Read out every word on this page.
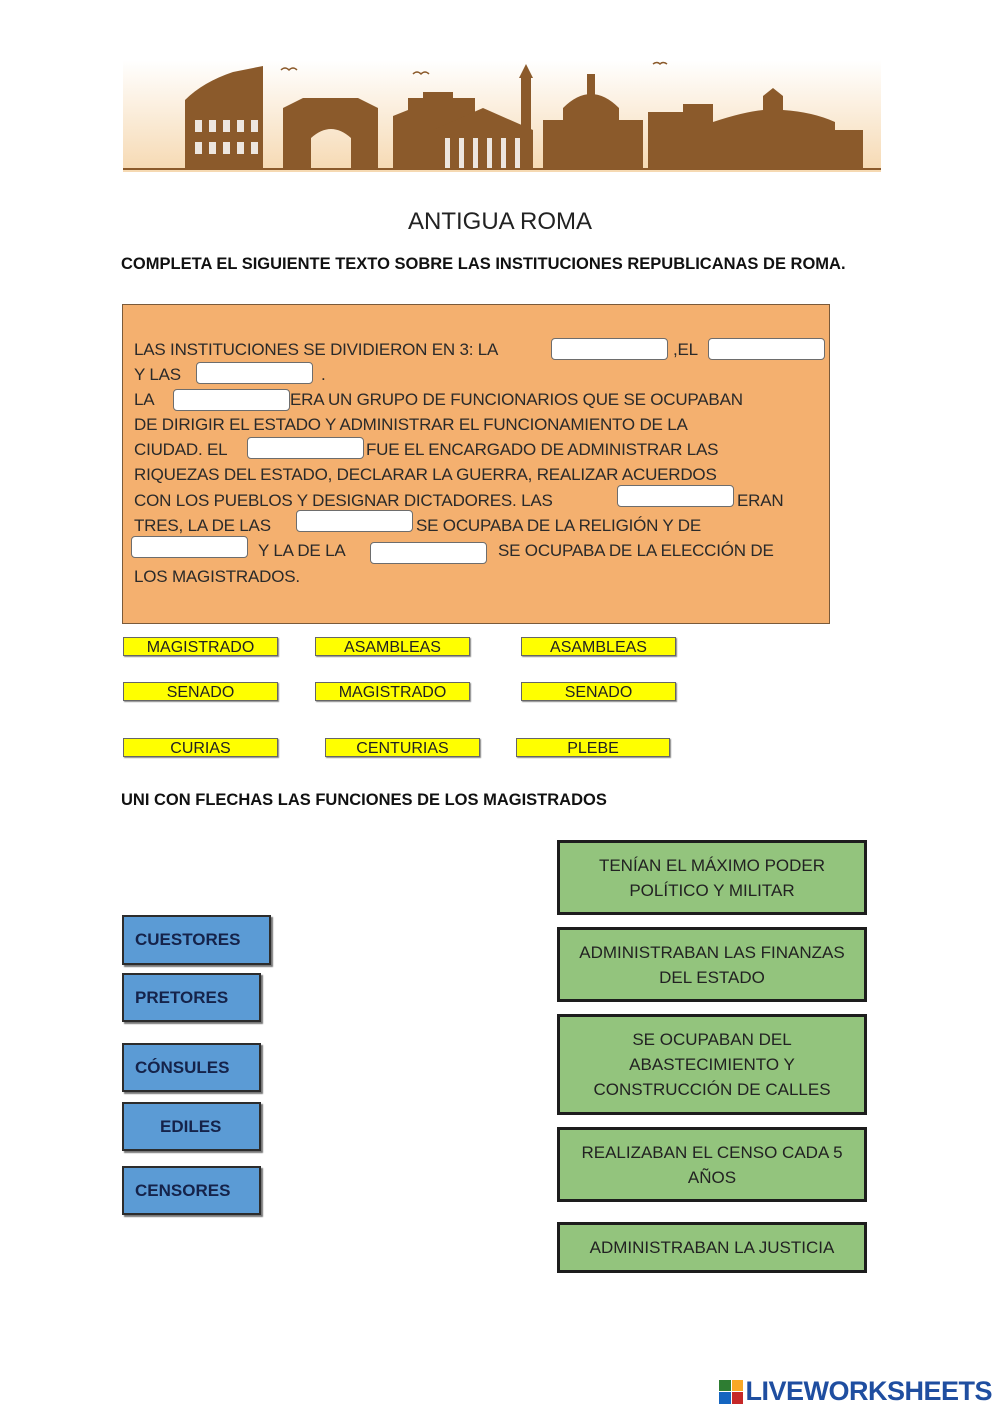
ANTIGUA ROMA
COMPLETA EL SIGUIENTE TEXTO SOBRE LAS INSTITUCIONES REPUBLICANAS DE ROMA.
LAS INSTITUCIONES SE DIVIDIERON EN 3: LA	,EL
Y LAS	.
LA	ERA UN GRUPO DE FUNCIONARIOS QUE SE OCUPABAN
DE DIRIGIR EL ESTADO Y ADMINISTRAR EL FUNCIONAMIENTO DE LA
CIUDAD. EL	FUE EL ENCARGADO DE ADMINISTRAR LAS
RIQUEZAS DEL ESTADO, DECLARAR LA GUERRA, REALIZAR ACUERDOS
CON LOS PUEBLOS Y DESIGNAR DICTADORES. LAS	ERAN
TRES, LA DE LAS	SE OCUPABA DE LA RELIGIÓN Y DE
Y LA DE LA	SE OCUPABA DE LA ELECCIÓN DE
LOS MAGISTRADOS.
MAGISTRADO	ASAMBLEAS	ASAMBLEAS
SENADO	MAGISTRADO	SENADO
CURIAS	CENTURIAS	PLEBE
UNI CON FLECHAS LAS FUNCIONES DE LOS MAGISTRADOS
CUESTORES
PRETORES
CÓNSULES
EDILES
CENSORES
TENÍAN EL MÁXIMO PODER POLÍTICO Y MILITAR
ADMINISTRABAN LAS FINANZAS DEL ESTADO
SE OCUPABAN DEL ABASTECIMIENTO Y CONSTRUCCIÓN DE CALLES
REALIZABAN EL CENSO CADA 5 AÑOS
ADMINISTRABAN LA JUSTICIA
LIVEWORKSHEETS
